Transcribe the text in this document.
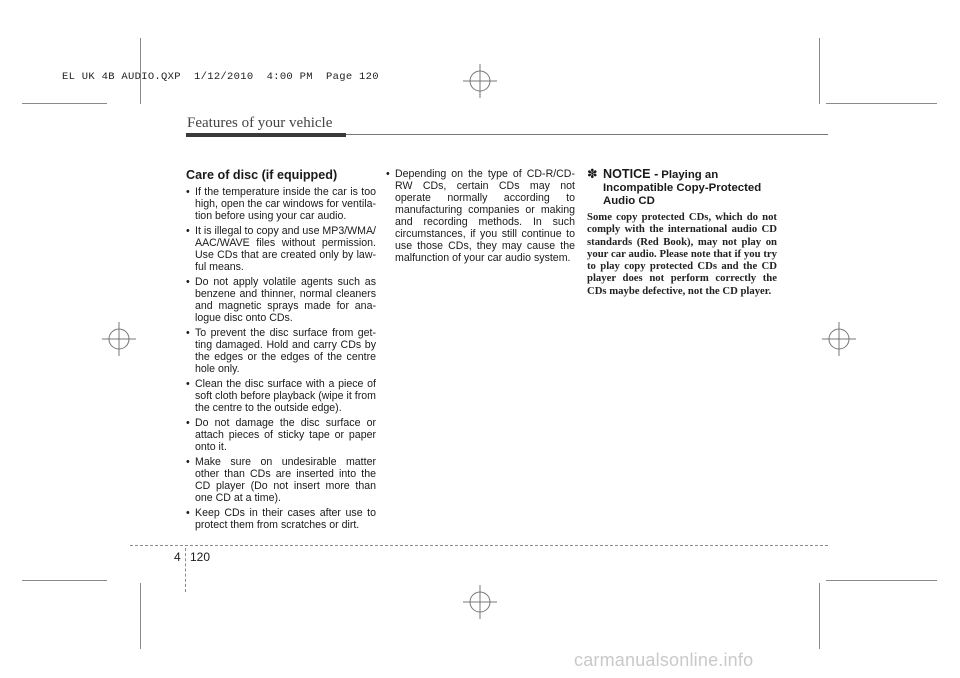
EL UK 4B AUDIO.QXP  1/12/2010  4:00 PM  Page 120
Features of your vehicle
Care of disc (if equipped)
• If the temperature inside the car is too high, open the car windows for ventila-tion before using your car audio.
• It is illegal to copy and use MP3/WMA/ AAC/WAVE files without permission. Use CDs that are created only by law-ful means.
• Do not apply volatile agents such as benzene and thinner, normal cleaners and magnetic sprays made for ana-logue disc onto CDs.
• To prevent the disc surface from get-ting damaged. Hold and carry CDs by the edges or the edges of the centre hole only.
• Clean the disc surface with a piece of soft cloth before playback (wipe it from the centre to the outside edge).
• Do not damage the disc surface or attach pieces of sticky tape or paper onto it.
• Make sure on undesirable matter other than CDs are inserted into the CD player (Do not insert more than one CD at a time).
• Keep CDs in their cases after use to protect them from scratches or dirt.
• Depending on the type of CD-R/CD-RW CDs, certain CDs may not operate normally according to manufacturing companies or making and recording methods. In such circumstances, if you still continue to use those CDs, they may cause the malfunction of your car audio system.
✽ NOTICE - Playing an Incompatible Copy-Protected Audio CD
Some copy protected CDs, which do not comply with the international audio CD standards (Red Book), may not play on your car audio. Please note that if you try to play copy protected CDs and the CD player does not perform correctly the CDs maybe defective, not the CD player.
4 120
carmanualsonline.info
